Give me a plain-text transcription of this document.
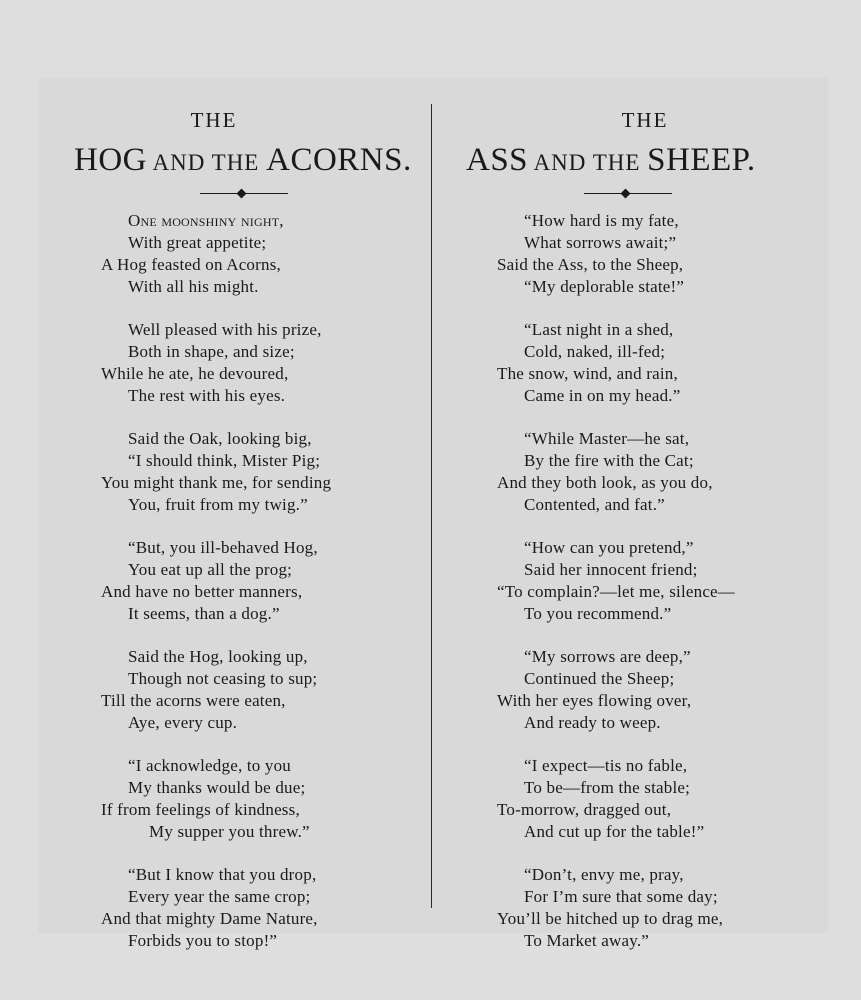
THE
HOG AND THE ACORNS.
One moonshiny night,
With great appetite;
A Hog feasted on Acorns,
With all his might.
Well pleased with his prize,
Both in shape, and size;
While he ate, he devoured,
The rest with his eyes.
Said the Oak, looking big,
“I should think, Mister Pig;
You might thank me, for sending
You, fruit from my twig.”
“But, you ill-behaved Hog,
You eat up all the prog;
And have no better manners,
It seems, than a dog.”
Said the Hog, looking up,
Though not ceasing to sup;
Till the acorns were eaten,
Aye, every cup.
“I acknowledge, to you
My thanks would be due;
If from feelings of kindness,
My supper you threw.”
“But I know that you drop,
Every year the same crop;
And that mighty Dame Nature,
Forbids you to stop!”
THE
ASS AND THE SHEEP.
“How hard is my fate,
What sorrows await;”
Said the Ass, to the Sheep,
“My deplorable state!”
“Last night in a shed,
Cold, naked, ill-fed;
The snow, wind, and rain,
Came in on my head.”
“While Master—he sat,
By the fire with the Cat;
And they both look, as you do,
Contented, and fat.”
“How can you pretend,”
Said her innocent friend;
“To complain?—let me, silence—
To you recommend.”
“My sorrows are deep,”
Continued the Sheep;
With her eyes flowing over,
And ready to weep.
“I expect—tis no fable,
To be—from the stable;
To-morrow, dragged out,
And cut up for the table!”
“Don’t, envy me, pray,
For I’m sure that some day;
You’ll be hitched up to drag me,
To Market away.”
